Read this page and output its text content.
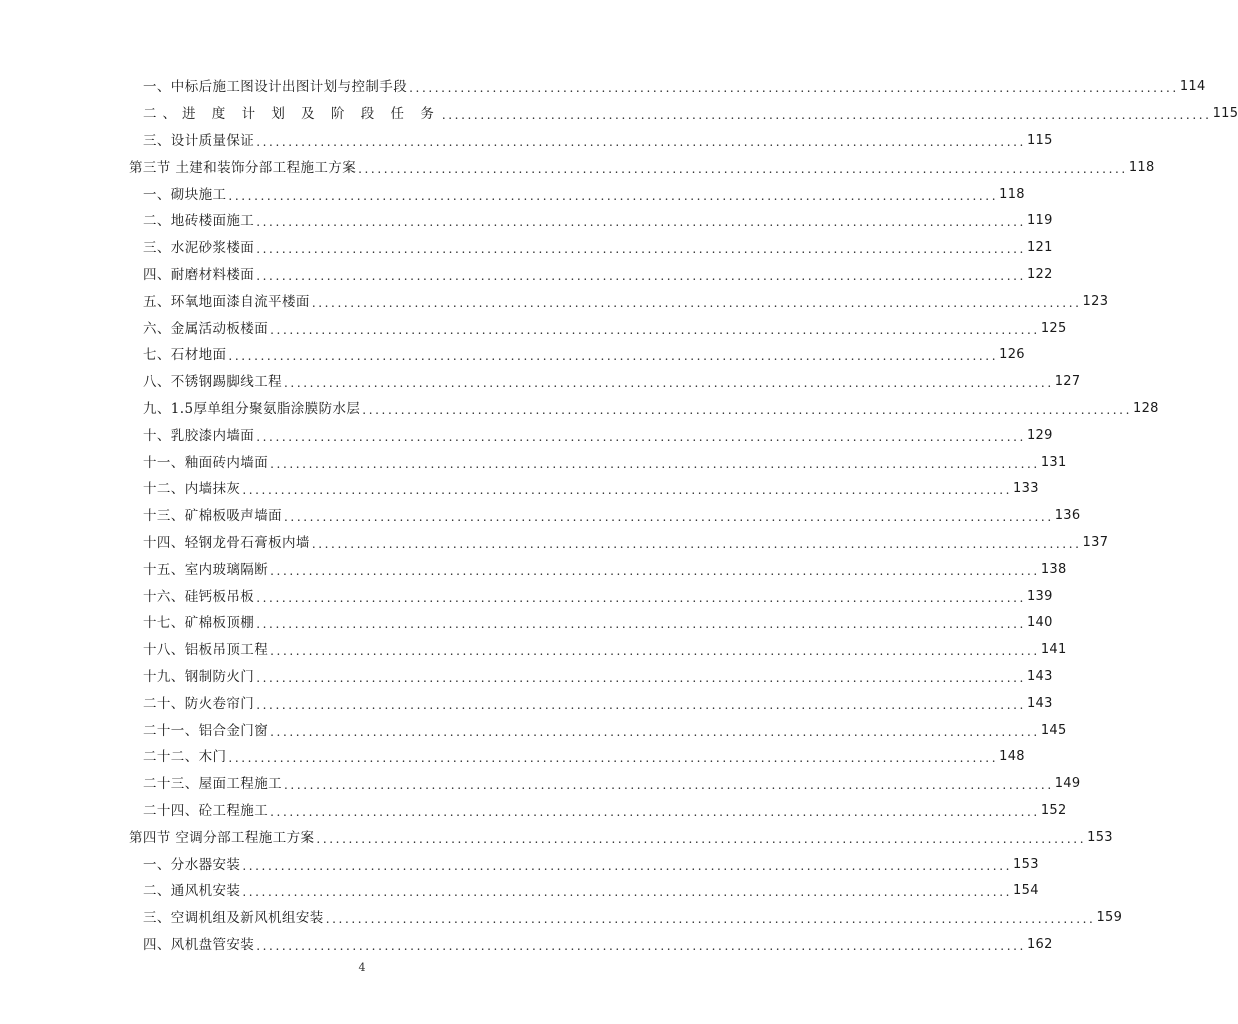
一、中标后施工图设计出图计划与控制手段 ........................................................................................................................ 114
二、进 度 计 划 及 阶 段 任 务 ........................................................................................................................ 115
三、设计质量保证 ........................................................................................................................ 115
第三节 土建和装饰分部工程施工方案 ........................................................................................................................ 118
一、砌块施工 ........................................................................................................................ 118
二、地砖楼面施工 ........................................................................................................................ 119
三、水泥砂浆楼面 ........................................................................................................................ 121
四、耐磨材料楼面 ........................................................................................................................ 122
五、环氧地面漆自流平楼面 ........................................................................................................................ 123
六、金属活动板楼面 ........................................................................................................................ 125
七、石材地面 ........................................................................................................................ 126
八、不锈钢踢脚线工程 ........................................................................................................................ 127
九、1.5厚单组分聚氨脂涂膜防水层 ........................................................................................................................ 128
十、乳胶漆内墙面 ........................................................................................................................ 129
十一、釉面砖内墙面 ........................................................................................................................ 131
十二、内墙抹灰 ........................................................................................................................ 133
十三、矿棉板吸声墙面 ........................................................................................................................ 136
十四、轻钢龙骨石膏板内墙 ........................................................................................................................ 137
十五、室内玻璃隔断 ........................................................................................................................ 138
十六、硅钙板吊板 ........................................................................................................................ 139
十七、矿棉板顶棚 ........................................................................................................................ 140
十八、铝板吊顶工程 ........................................................................................................................ 141
十九、钢制防火门 ........................................................................................................................ 143
二十、防火卷帘门 ........................................................................................................................ 143
二十一、铝合金门窗 ........................................................................................................................ 145
二十二、木门 ........................................................................................................................ 148
二十三、屋面工程施工 ........................................................................................................................ 149
二十四、砼工程施工 ........................................................................................................................ 152
第四节 空调分部工程施工方案 ........................................................................................................................ 153
一、分水器安装 ........................................................................................................................ 153
二、通风机安装 ........................................................................................................................ 154
三、空调机组及新风机组安装 ........................................................................................................................ 159
四、风机盘管安装 ........................................................................................................................ 162
4
